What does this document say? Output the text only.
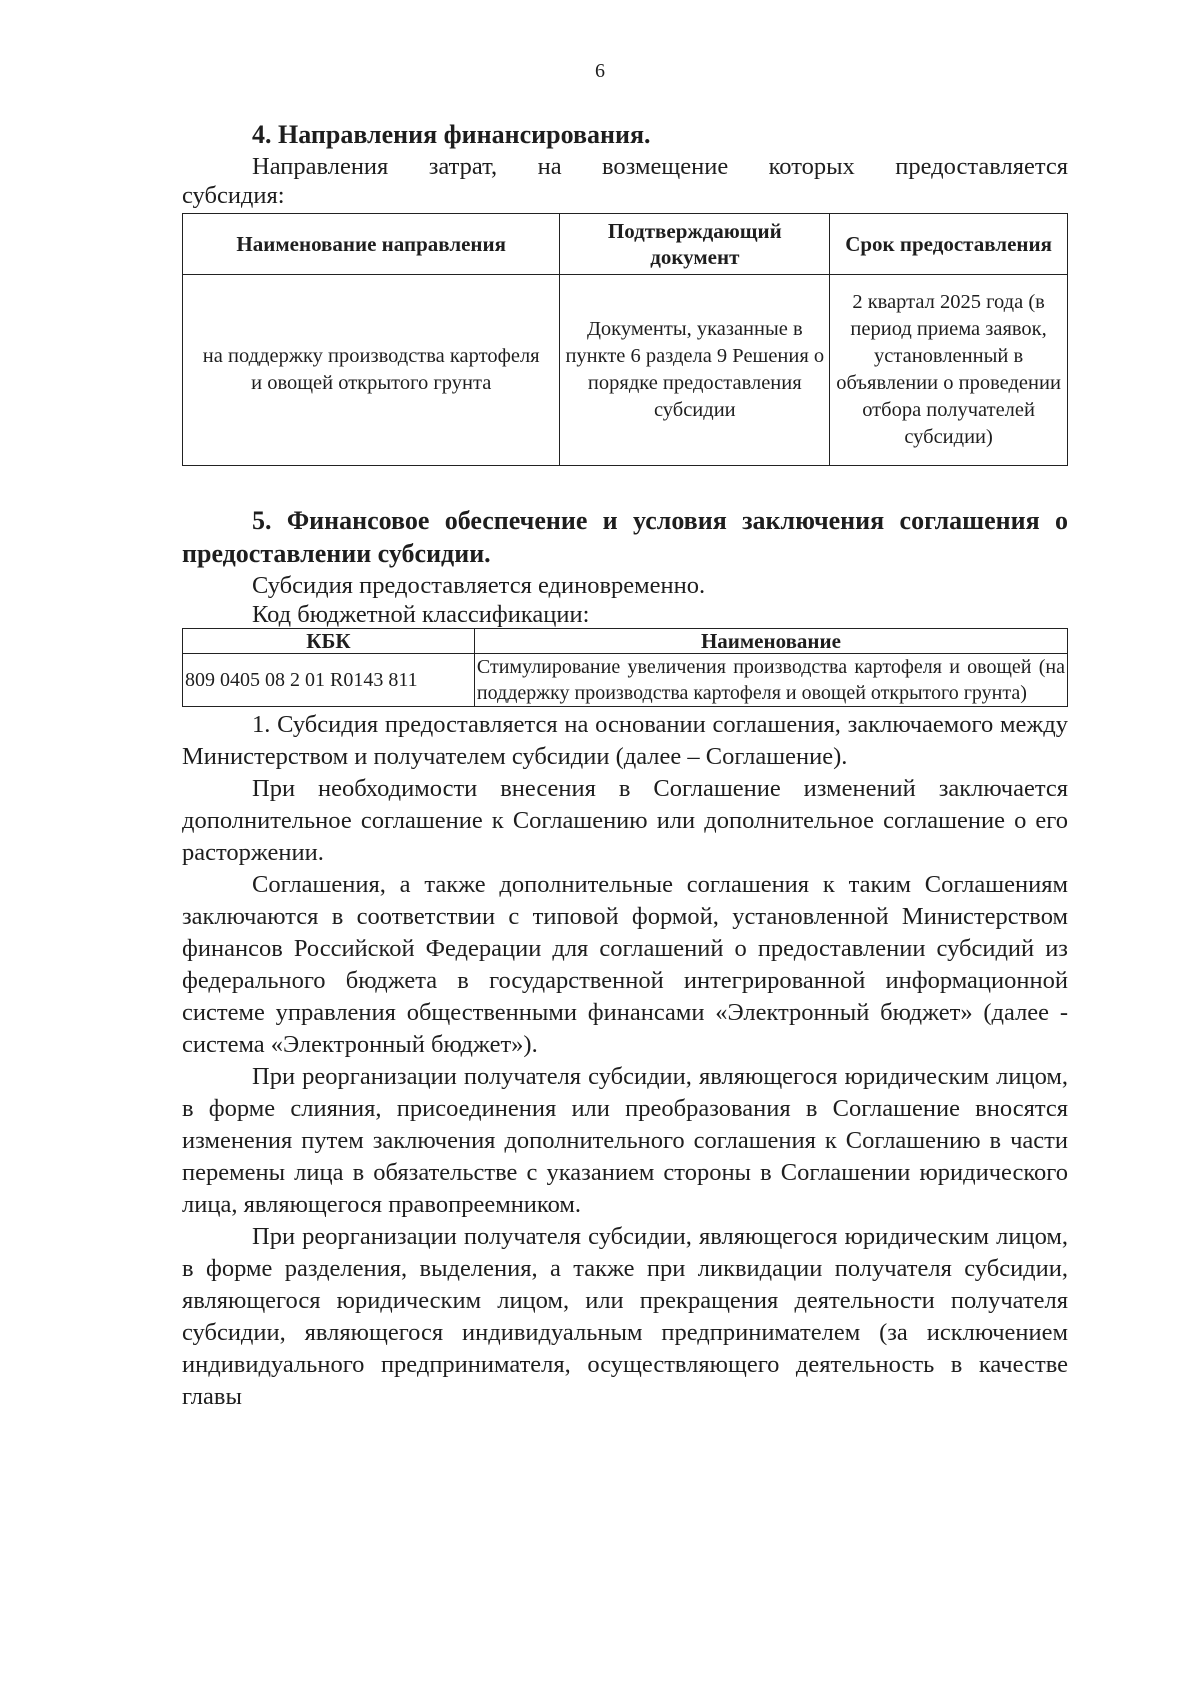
6

4. Направления финансирования.

Направления затрат, на возмещение которых предоставляется

субсидия:

Наименование направления	Подтверждающий документ	Срок предоставления
на поддержку производства картофеля и овощей открытого грунта	Документы, указанные в пункте 6 раздела 9 Решения о порядке предоставления субсидии	2 квартал 2025 года (в период приема заявок, установленный в объявлении о проведении отбора получателей субсидии)

5. Финансовое обеспечение и условия заключения соглашения о предоставлении субсидии.

Субсидия предоставляется единовременно.

Код бюджетной классификации:

КБК	Наименование
809 0405 08 2 01 R0143 811	Стимулирование увеличения производства картофеля и овощей (на поддержку производства картофеля и овощей открытого грунта)

1. Субсидия предоставляется на основании соглашения, заключаемого между Министерством и получателем субсидии (далее – Соглашение).

При необходимости внесения в Соглашение изменений заключается дополнительное соглашение к Соглашению или дополнительное соглашение о его расторжении.

Соглашения, а также дополнительные соглашения к таким Соглашениям заключаются в соответствии с типовой формой, установленной Министерством финансов Российской Федерации для соглашений о предоставлении субсидий из федерального бюджета в государственной интегрированной информационной системе управления общественными финансами «Электронный бюджет» (далее - система «Электронный бюджет»).

При реорганизации получателя субсидии, являющегося юридическим лицом, в форме слияния, присоединения или преобразования в Соглашение вносятся изменения путем заключения дополнительного соглашения к Соглашению в части перемены лица в обязательстве с указанием стороны в Соглашении юридического лица, являющегося правопреемником.

При реорганизации получателя субсидии, являющегося юридическим лицом, в форме разделения, выделения, а также при ликвидации получателя субсидии, являющегося юридическим лицом, или прекращения деятельности получателя субсидии, являющегося индивидуальным предпринимателем (за исключением индивидуального предпринимателя, осуществляющего деятельность в качестве главы
